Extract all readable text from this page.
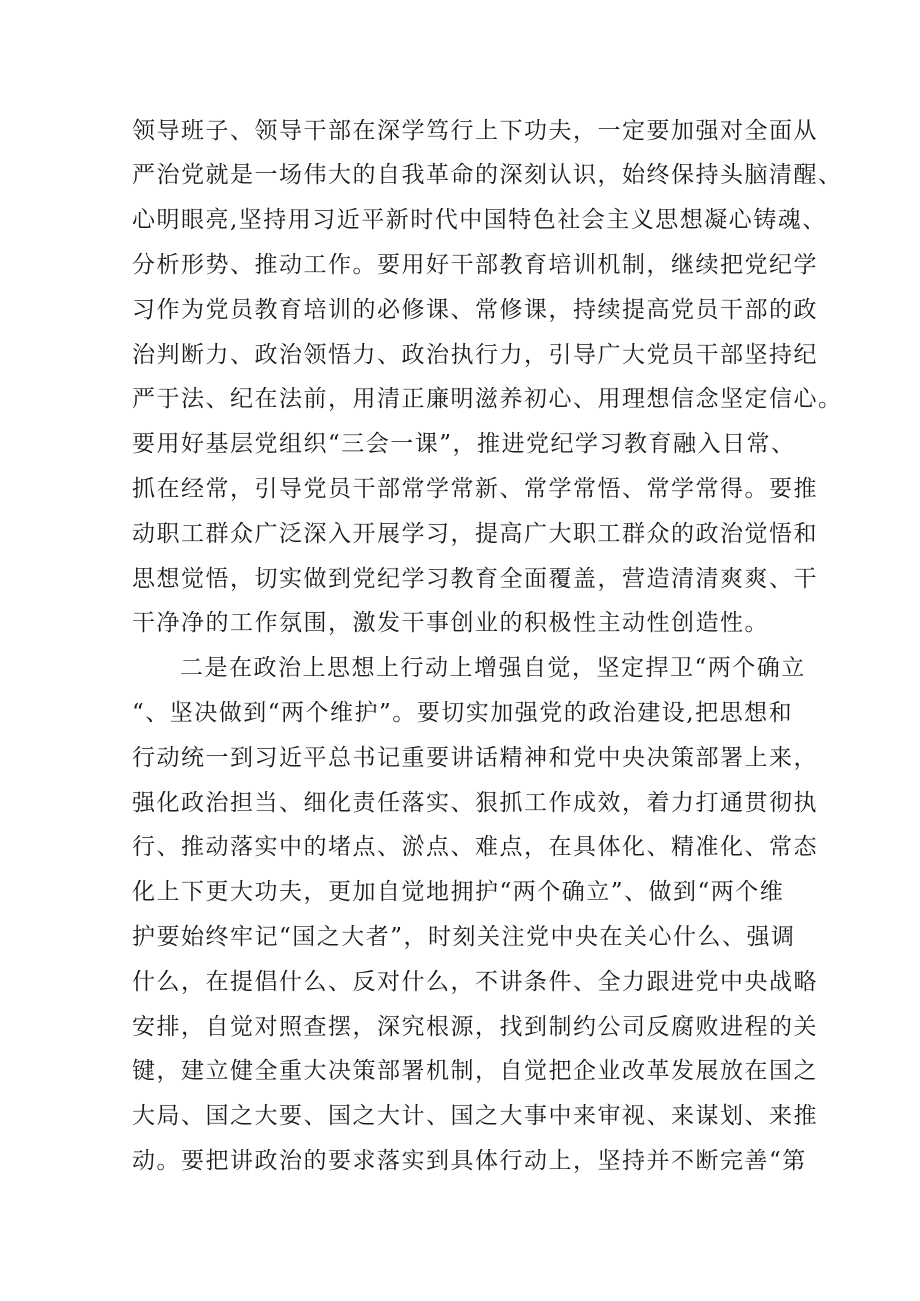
领导班子、领导干部在深学笃行上下功夫，一定要加强对全面从
严治党就是一场伟大的自我革命的深刻认识，始终保持头脑清醒、
心明眼亮,坚持用习近平新时代中国特色社会主义思想凝心铸魂、
分析形势、推动工作。要用好干部教育培训机制，继续把党纪学
习作为党员教育培训的必修课、常修课，持续提高党员干部的政
治判断力、政治领悟力、政治执行力，引导广大党员干部坚持纪
严于法、纪在法前，用清正廉明滋养初心、用理想信念坚定信心。
要用好基层党组织“三会一课”，推进党纪学习教育融入日常、
抓在经常，引导党员干部常学常新、常学常悟、常学常得。要推
动职工群众广泛深入开展学习，提高广大职工群众的政治觉悟和
思想觉悟，切实做到党纪学习教育全面覆盖，营造清清爽爽、干
干净净的工作氛围，激发干事创业的积极性主动性创造性。
二是在政治上思想上行动上增强自觉，坚定捍卫“两个确立
“、坚决做到“两个维护”。要切实加强党的政治建设,把思想和
行动统一到习近平总书记重要讲话精神和党中央决策部署上来，
强化政治担当、细化责任落实、狠抓工作成效，着力打通贯彻执
行、推动落实中的堵点、淤点、难点，在具体化、精准化、常态
化上下更大功夫，更加自觉地拥护“两个确立”、做到“两个维
护要始终牢记“国之大者”，时刻关注党中央在关心什么、强调
什么，在提倡什么、反对什么，不讲条件、全力跟进党中央战略
安排，自觉对照查摆，深究根源，找到制约公司反腐败进程的关
键，建立健全重大决策部署机制，自觉把企业改革发展放在国之
大局、国之大要、国之大计、国之大事中来审视、来谋划、来推
动。要把讲政治的要求落实到具体行动上，坚持并不断完善“第
